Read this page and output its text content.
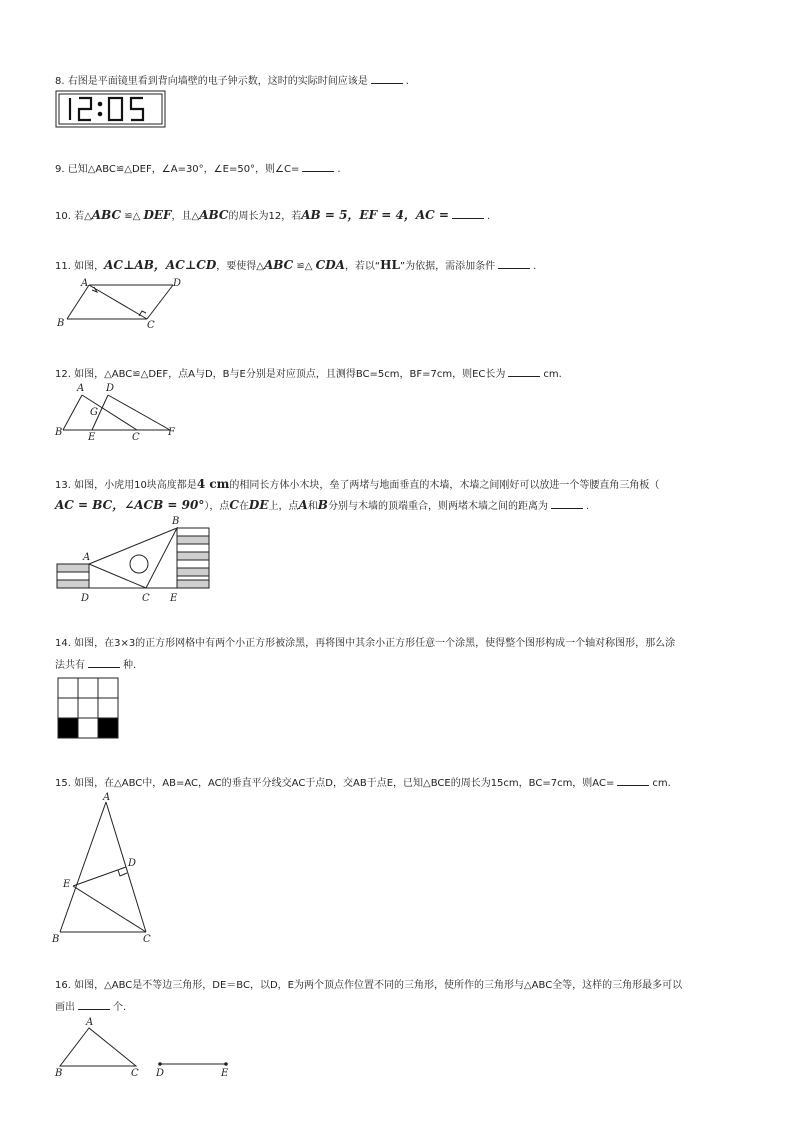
8. 右图是平面镜里看到背向墙壁的电子钟示数，这时的实际时间应该是	.
9. 已知△ABC≌△DEF，∠A=30°，∠E=50°，则∠C=	.
10. 若△ABC ≌△ DEF，且△ABC的周长为12，若AB = 5，EF = 4，AC =	.
11. 如图，AC⊥AB，AC⊥CD，要使得△ABC ≌△ CDA，若以“HL”为依据，需添加条件	.
A	D
B	C
12. 如图，△ABC≌△DEF，点A与D，B与E分别是对应顶点，且测得BC=5cm，BF=7cm，则EC长为	cm.
A D
G
B	E	C	F
13. 如图，小虎用10块高度都是4 cm的相同长方体小木块，垒了两堵与地面垂直的木墙，木墙之间刚好可以放进一个等腰直角三角板（
AC = BC，∠ACB = 90°），点C在DE上，点A和B分别与木墙的顶端重合，则两堵木墙之间的距离为	.
A
B
D	C E
14. 如图，在3×3的正方形网格中有两个小正方形被涂黑，再将图中其余小正方形任意一个涂黑，使得整个图形构成一个轴对称图形，那么涂
法共有	种.
15. 如图，在△ABC中，AB=AC，AC的垂直平分线交AC于点D，交AB于点E，已知△BCE的周长为15cm，BC=7cm，则AC=	cm.
A
D
E
B	C
16. 如图，△ABC是不等边三角形，DE＝BC，以D，E为两个顶点作位置不同的三角形，使所作的三角形与△ABC全等，这样的三角形最多可以
画出	个.
A
B	C D	E
